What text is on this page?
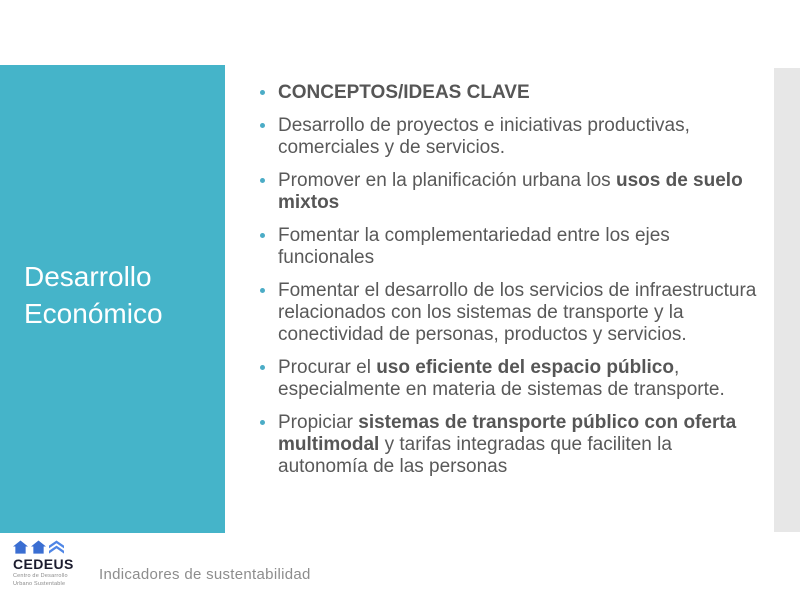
Desarrollo Económico
CONCEPTOS/IDEAS CLAVE
Desarrollo de proyectos e iniciativas productivas, comerciales y de servicios.
Promover en la planificación urbana los usos de suelo mixtos
Fomentar la complementariedad entre los ejes funcionales
Fomentar el desarrollo de los servicios de infraestructura relacionados con los sistemas de transporte y la conectividad de personas, productos y servicios.
Procurar el uso eficiente del espacio público, especialmente en materia de sistemas de transporte.
Propiciar sistemas de transporte público con oferta multimodal y tarifas integradas que faciliten la autonomía de las personas
CEDEUS
Centro de Desarrollo
Urbano Sustentable
Indicadores de sustentabilidad
